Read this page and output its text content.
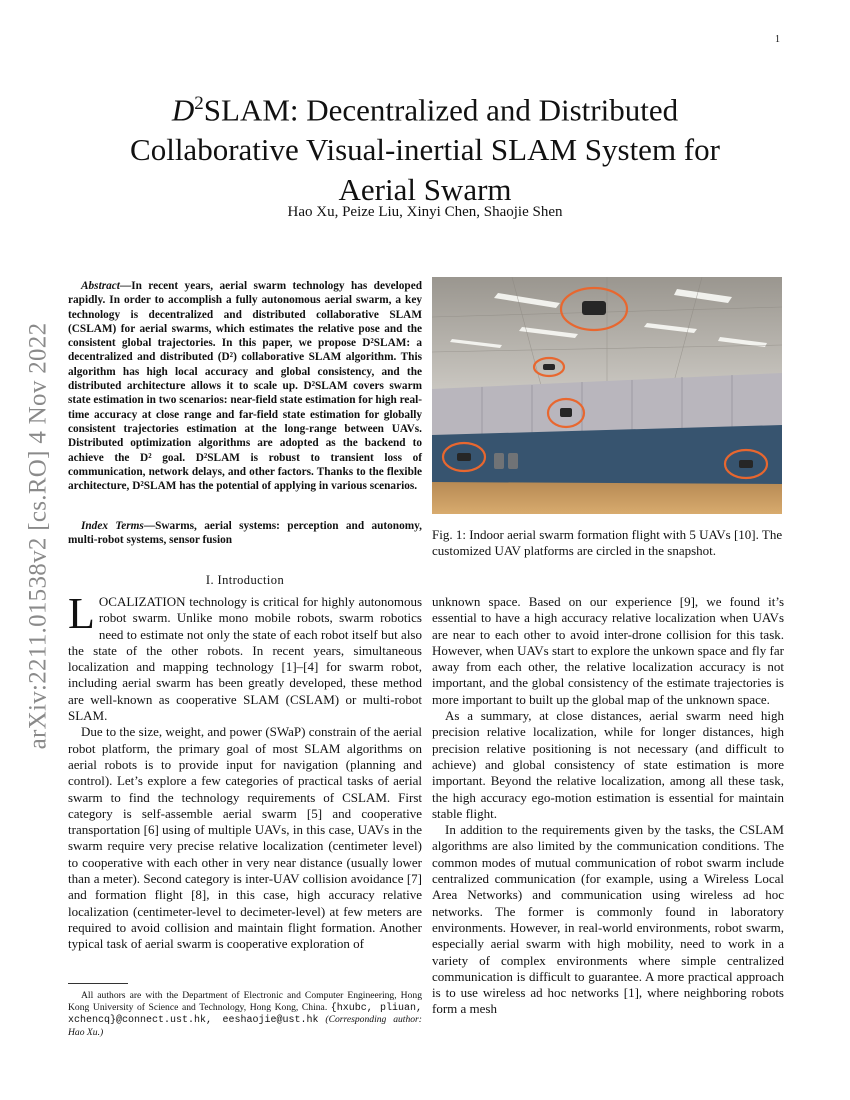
1
arXiv:2211.01538v2 [cs.RO] 4 Nov 2022
$D^2SLAM$: Decentralized and Distributed
Collaborative Visual-inertial SLAM System for
Aerial Swarm
Hao Xu, Peize Liu, Xinyi Chen, Shaojie Shen

Abstract—In recent years, aerial swarm technology has developed rapidly. In order to accomplish a fully autonomous aerial swarm, a key technology is decentralized and distributed collaborative SLAM (CSLAM) for aerial swarms, which estimates the relative pose and the consistent global trajectories. In this paper, we propose D²SLAM: a decentralized and distributed (D²) collaborative SLAM algorithm. This algorithm has high local accuracy and global consistency, and the distributed architecture allows it to scale up. D²SLAM covers swarm state estimation in two scenarios: near-field state estimation for high real-time accuracy at close range and far-field state estimation for globally consistent trajectories estimation at the long-range between UAVs. Distributed optimization algorithms are adopted as the backend to achieve the D² goal. D²SLAM is robust to transient loss of communication, network delays, and other factors. Thanks to the flexible architecture, D²SLAM has the potential of applying in various scenarios.

Index Terms—Swarms, aerial systems: perception and autonomy, multi-robot systems, sensor fusion

I. Introduction

LOCALIZATION technology is critical for highly autonomous robot swarm. Unlike mono mobile robots, swarm robotics need to estimate not only the state of each robot itself but also the state of the other robots. In recent years, simultaneous localization and mapping technology [1]–[4] for swarm robot, including aerial swarm has been greatly developed, these method are well-known as cooperative SLAM (CSLAM) or multi-robot SLAM.

Due to the size, weight, and power (SWaP) constrain of the aerial robot platform, the primary goal of most SLAM algorithms on aerial robots is to provide input for navigation (planning and control). Let’s explore a few categories of practical tasks of aerial swarm to find the technology requirements of CSLAM. First category is self-assemble aerial swarm [5] and cooperative transportation [6] using of multiple UAVs, in this case, UAVs in the swarm require very precise relative localization (centimeter level) to cooperative with each other in very near distance (usually lower than a meter). Second category is inter-UAV collision avoidance [7] and formation flight [8], in this case, high accuracy relative localization (centimeter-level to decimeter-level) at few meters are required to avoid collision and maintain flight formation. Another typical task of aerial swarm is cooperative exploration of

All authors are with the Department of Electronic and Computer Engineering, Hong Kong University of Science and Technology, Hong Kong, China. {hxubc, pliuan, xchencq}@connect.ust.hk, eeshaojie@ust.hk (Corresponding author: Hao Xu.)

Fig. 1: Indoor aerial swarm formation flight with 5 UAVs [10]. The customized UAV platforms are circled in the snapshot.

unknown space. Based on our experience [9], we found it’s essential to have a high accuracy relative localization when UAVs are near to each other to avoid inter-drone collision for this task. However, when UAVs start to explore the unkown space and fly far away from each other, the relative localization accuracy is not important, and the global consistency of the estimate trajectories is more important to built up the global map of the unknown space.

As a summary, at close distances, aerial swarm need high precision relative localization, while for longer distances, high precision relative positioning is not necessary (and difficult to achieve) and global consistency of state estimation is more important. Beyond the relative localization, among all these task, the high accuracy ego-motion estimation is essential for maintain stable flight.

In addition to the requirements given by the tasks, the CSLAM algorithms are also limited by the communication conditions. The common modes of mutual communication of robot swarm include centralized communication (for example, using a Wireless Local Area Networks) and communication using wireless ad hoc networks. The former is commonly found in laboratory environments. However, in real-world environments, robot swarm, especially aerial swarm with high mobility, need to work in a variety of complex environments where simple centralized communication is difficult to guarantee. A more practical approach is to use wireless ad hoc networks [1], where neighboring robots form a mesh
